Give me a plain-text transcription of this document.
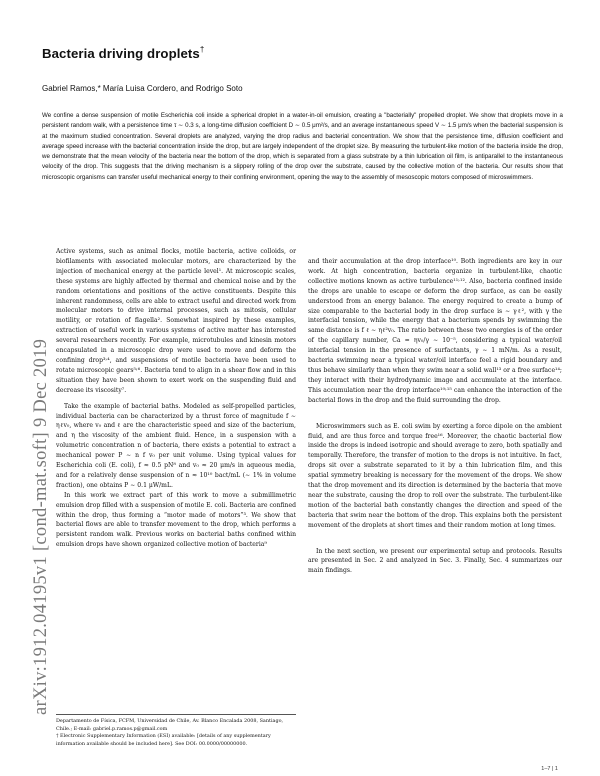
Bacteria driving droplets†
Gabriel Ramos,* María Luisa Cordero, and Rodrigo Soto
We confine a dense suspension of motile Escherichia coli inside a spherical droplet in a water-in-oil emulsion, creating a "bacterially" propelled droplet. We show that droplets move in a persistent random walk, with a persistence time τ ∼ 0.3 s, a long-time diffusion coefficient D ∼ 0.5 μm²/s, and an average instantaneous speed V ∼ 1.5 μm/s when the bacterial suspension is at the maximum studied concentration. Several droplets are analyzed, varying the drop radius and bacterial concentration. We show that the persistence time, diffusion coefficient and average speed increase with the bacterial concentration inside the drop, but are largely independent of the droplet size. By measuring the turbulent-like motion of the bacteria inside the drop, we demonstrate that the mean velocity of the bacteria near the bottom of the drop, which is separated from a glass substrate by a thin lubrication oil film, is antiparallel to the instantaneous velocity of the drop. This suggests that the driving mechanism is a slippery rolling of the drop over the substrate, caused by the collective motion of the bacteria. Our results show that microscopic organisms can transfer useful mechanical energy to their confining environment, opening the way to the assembly of mesoscopic motors composed of microswimmers.
arXiv:1912.04195v1 [cond-mat.soft] 9 Dec 2019

Active systems, such as animal flocks, motile bacteria, active colloids, or biofilaments with associated molecular motors, are characterized by the injection of mechanical energy at the particle level¹. At microscopic scales, these systems are highly affected by thermal and chemical noise and by the random orientations and positions of the active constituents. Despite this inherent randomness, cells are able to extract useful and directed work from molecular motors to drive internal processes, such as mitosis, cellular motility, or rotation of flagella². Somewhat inspired by these examples, extraction of useful work in various systems of active matter has interested several researchers recently. For example, microtubules and kinesin motors encapsulated in a microscopic drop were used to move and deform the confining drop³˒⁴, and suspensions of motile bacteria have been used to rotate microscopic gears⁵˒⁶. Bacteria tend to align in a shear flow and in this situation they have been shown to exert work on the suspending fluid and decrease its viscosity⁷.

Take the example of bacterial baths. Modeled as self-propelled particles, individual bacteria can be characterized by a thrust force of magnitude f ∼ ηℓv₀, where v₀ and ℓ are the characteristic speed and size of the bacterium, and η the viscosity of the ambient fluid. Hence, in a suspension with a volumetric concentration n of bacteria, there exists a potential to extract a mechanical power P ∼ n f v₀ per unit volume. Using typical values for Escherichia coli (E. coli), f ≈ 0.5 pN⁸ and v₀ ≈ 20 μm/s in aqueous media, and for a relatively dense suspension of n ≈ 10¹⁰ bact/mL (∼ 1% in volume fraction), one obtains P ∼ 0.1 μW/mL.

In this work we extract part of this work to move a submillimetric emulsion drop filled with a suspension of motile E. coli. Bacteria are confined within the drop, thus forming a “motor made of motors”³. We show that bacterial flows are able to transfer movement to the drop, which performs a persistent random walk. Previous works on bacterial baths confined within emulsion drops have shown organized collective motion of bacteria⁹

and their accumulation at the drop interface¹⁰. Both ingredients are key in our work. At high concentration, bacteria organize in turbulent-like, chaotic collective motions known as active turbulence¹¹˒¹². Also, bacteria confined inside the drops are unable to escape or deform the drop surface, as can be easily understood from an energy balance. The energy required to create a bump of size comparable to the bacterial body in the drop surface is ∼ γℓ², with γ the interfacial tension, while the energy that a bacterium spends by swimming the same distance is f ℓ ∼ ηℓ²v₀. The ratio between these two energies is of the order of the capillary number, Ca = ηv₀/γ ∼ 10⁻⁵, considering a typical water/oil interfacial tension in the presence of surfactants, γ ∼ 1 mN/m. As a result, bacteria swimming near a typical water/oil interface feel a rigid boundary and thus behave similarly than when they swim near a solid wall¹³ or a free surface¹⁴; they interact with their hydrodynamic image and accumulate at the interface. This accumulation near the drop interface¹⁰˒¹⁵ can enhance the interaction of the bacterial flows in the drop and the fluid surrounding the drop.

Microswimmers such as E. coli swim by exerting a force dipole on the ambient fluid, and are thus force and torque free¹⁶. Moreover, the chaotic bacterial flow inside the drops is indeed isotropic and should average to zero, both spatially and temporally. Therefore, the transfer of motion to the drops is not intuitive. In fact, drops sit over a substrate separated to it by a thin lubrication film, and this spatial symmetry breaking is necessary for the movement of the drops. We show that the drop movement and its direction is determined by the bacteria that move near the substrate, causing the drop to roll over the substrate. The turbulent-like motion of the bacterial bath constantly changes the direction and speed of the bacteria that swim near the bottom of the drop. This explains both the persistent movement of the droplets at short times and their random motion at long times.

In the next section, we present our experimental setup and protocols. Results are presented in Sec. 2 and analyzed in Sec. 3. Finally, Sec. 4 summarizes our main findings.

Departamento de Física, FCFM, Universidad de Chile, Av. Blanco Encalada 2008, Santiago, Chile.; E-mail: gabriel.p.ramos.p@gmail.com

† Electronic Supplementary Information (ESI) available: [details of any supplementary information available should be included here]. See DOI: 00.0000/00000000.

1–7 | 1
